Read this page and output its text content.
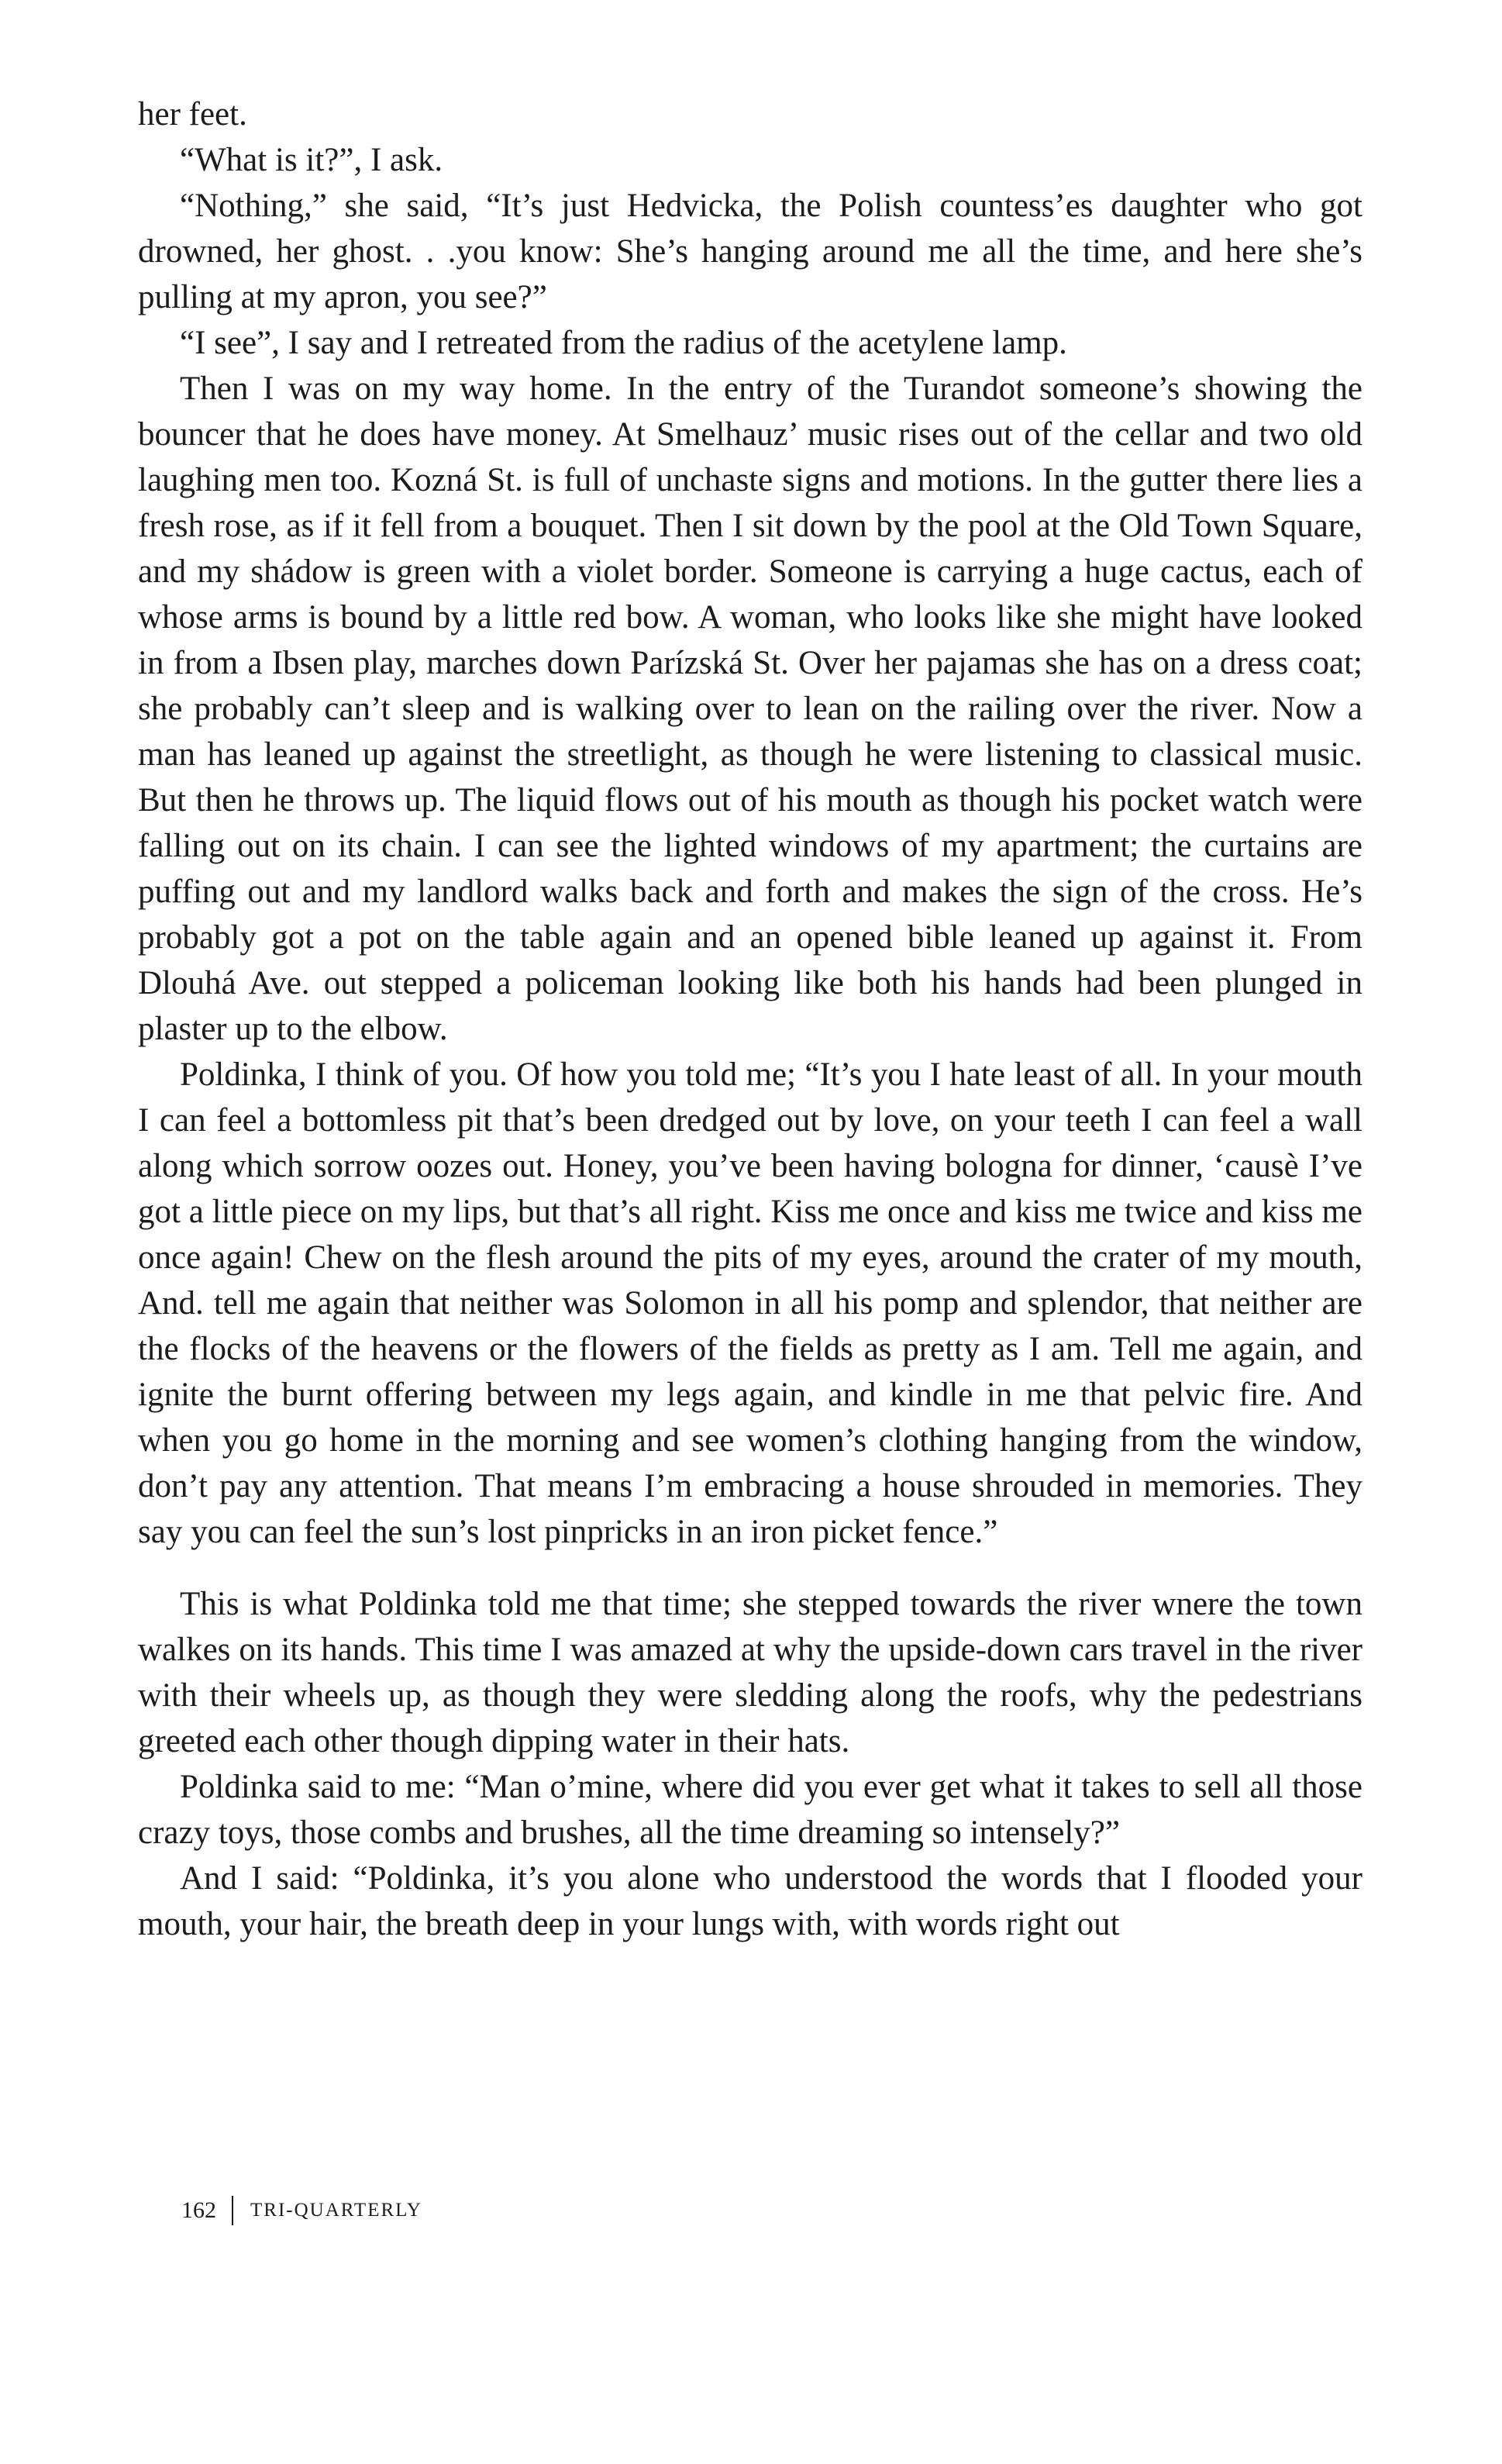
her feet.

“What is it?”, I ask.

“Nothing,” she said, “It’s just Hedvicka, the Polish countess’es daughter who got drowned, her ghost. . .you know: She’s hanging around me all the time, and here she’s pulling at my apron, you see?”

“I see”, I say and I retreated from the radius of the acetylene lamp.

Then I was on my way home. In the entry of the Turandot someone’s showing the bouncer that he does have money. At Smelhauz’ music rises out of the cellar and two old laughing men too. Kozná St. is full of unchaste signs and motions. In the gutter there lies a fresh rose, as if it fell from a bouquet. Then I sit down by the pool at the Old Town Square, and my shádow is green with a violet border. Someone is carrying a huge cactus, each of whose arms is bound by a little red bow. A woman, who looks like she might have looked in from a Ibsen play, marches down Parízská St. Over her pajamas she has on a dress coat; she probably can’t sleep and is walking over to lean on the railing over the river. Now a man has leaned up against the streetlight, as though he were listening to classical music. But then he throws up. The liquid flows out of his mouth as though his pocket watch were falling out on its chain. I can see the lighted windows of my apartment; the curtains are puffing out and my landlord walks back and forth and makes the sign of the cross. He’s probably got a pot on the table again and an opened bible leaned up against it. From Dlouhá Ave. out stepped a policeman looking like both his hands had been plunged in plaster up to the elbow.

Poldinka, I think of you. Of how you told me; “It’s you I hate least of all. In your mouth I can feel a bottomless pit that’s been dredged out by love, on your teeth I can feel a wall along which sorrow oozes out. Honey, you’ve been having bologna for dinner, ‘causè I’ve got a little piece on my lips, but that’s all right. Kiss me once and kiss me twice and kiss me once again! Chew on the flesh around the pits of my eyes, around the crater of my mouth, And. tell me again that neither was Solomon in all his pomp and splendor, that neither are the flocks of the heavens or the flowers of the fields as pretty as I am. Tell me again, and ignite the burnt offering between my legs again, and kindle in me that pelvic fire. And when you go home in the morning and see women’s clothing hanging from the window, don’t pay any attention. That means I’m embracing a house shrouded in memories. They say you can feel the sun’s lost pinpricks in an iron picket fence.”

This is what Poldinka told me that time; she stepped towards the river wnere the town walkes on its hands. This time I was amazed at why the upside-down cars travel in the river with their wheels up, as though they were sledding along the roofs, why the pedestrians greeted each other though dipping water in their hats.

Poldinka said to me: “Man o’mine, where did you ever get what it takes to sell all those crazy toys, those combs and brushes, all the time dreaming so intensely?”

And I said: “Poldinka, it’s you alone who understood the words that I flooded your mouth, your hair, the breath deep in your lungs with, with words right out

162 TRI-QUARTERLY
